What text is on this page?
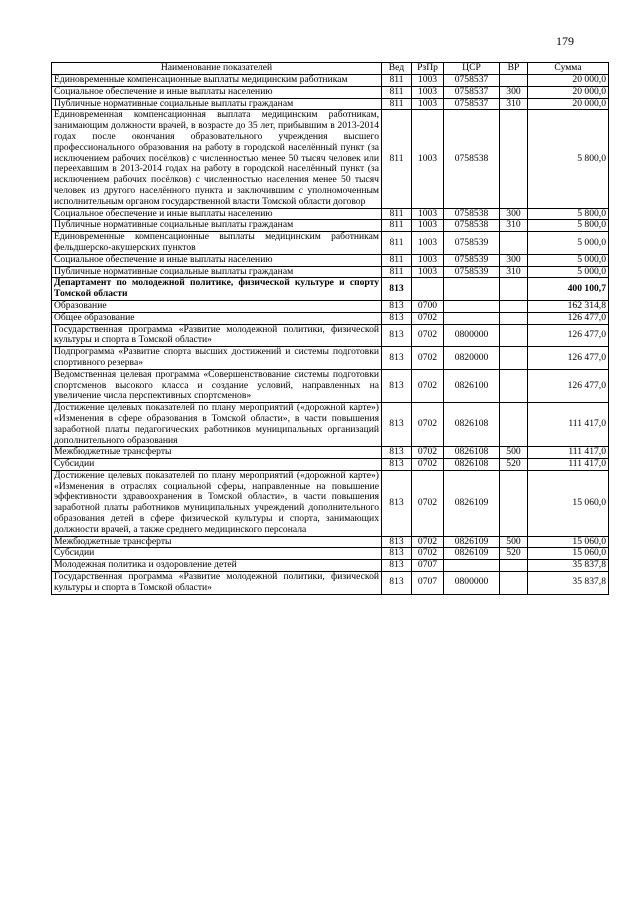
179
Наименование показателей	Вед	РзПр	ЦСР	ВР	Сумма
Единовременные компенсационные выплаты медицинским работникам	811	1003	0758537		20 000,0
Социальное обеспечение и иные выплаты населению	811	1003	0758537	300	20 000,0
Публичные нормативные социальные выплаты гражданам	811	1003	0758537	310	20 000,0
Единовременная компенсационная выплата медицинским работникам, занимающим должности врачей, в возрасте до 35 лет, прибывшим в 2013-2014 годах после окончания образовательного учреждения высшего профессионального образования на работу в городской населённый пункт (за исключением рабочих посёлков) с численностью менее 50 тысяч человек или переехавшим в 2013-2014 годах на работу в городской населённый пункт (за исключением рабочих посёлков) с численностью населения менее 50 тысяч человек из другого населённого пункта и заключившим с уполномоченным исполнительным органом государственной власти Томской области договор	811	1003	0758538		5 800,0
Социальное обеспечение и иные выплаты населению	811	1003	0758538	300	5 800,0
Публичные нормативные социальные выплаты гражданам	811	1003	0758538	310	5 800,0
Единовременные компенсационные выплаты медицинским работникам фельдшерско-акушерских пунктов	811	1003	0758539		5 000,0
Социальное обеспечение и иные выплаты населению	811	1003	0758539	300	5 000,0
Публичные нормативные социальные выплаты гражданам	811	1003	0758539	310	5 000,0
Департамент по молодежной политике, физической культуре и спорту Томской области	813				400 100,7
Образование	813	0700			162 314,8
Общее образование	813	0702			126 477,0
Государственная программа «Развитие молодежной политики, физической культуры и спорта в Томской области»	813	0702	0800000		126 477,0
Подпрограмма «Развитие спорта высших достижений и системы подготовки спортивного резерва»	813	0702	0820000		126 477,0
Ведомственная целевая программа «Совершенствование системы подготовки спортсменов высокого класса и создание условий, направленных на увеличение числа перспективных спортсменов»	813	0702	0826100		126 477,0
Достижение целевых показателей по плану мероприятий («дорожной карте») «Изменения в сфере образования в Томской области», в части повышения заработной платы педагогических работников муниципальных организаций дополнительного образования	813	0702	0826108		111 417,0
Межбюджетные трансферты	813	0702	0826108	500	111 417,0
Субсидии	813	0702	0826108	520	111 417,0
Достижение целевых показателей по плану мероприятий («дорожной карте») «Изменения в отраслях социальной сферы, направленные на повышение эффективности здравоохранения в Томской области», в части повышения заработной платы работников муниципальных учреждений дополнительного образования детей в сфере физической культуры и спорта, занимающих должности врачей, а также среднего медицинского персонала	813	0702	0826109		15 060,0
Межбюджетные трансферты	813	0702	0826109	500	15 060,0
Субсидии	813	0702	0826109	520	15 060,0
Молодежная политика и оздоровление детей	813	0707			35 837,8
Государственная программа «Развитие молодежной политики, физической культуры и спорта в Томской области»	813	0707	0800000		35 837,8
